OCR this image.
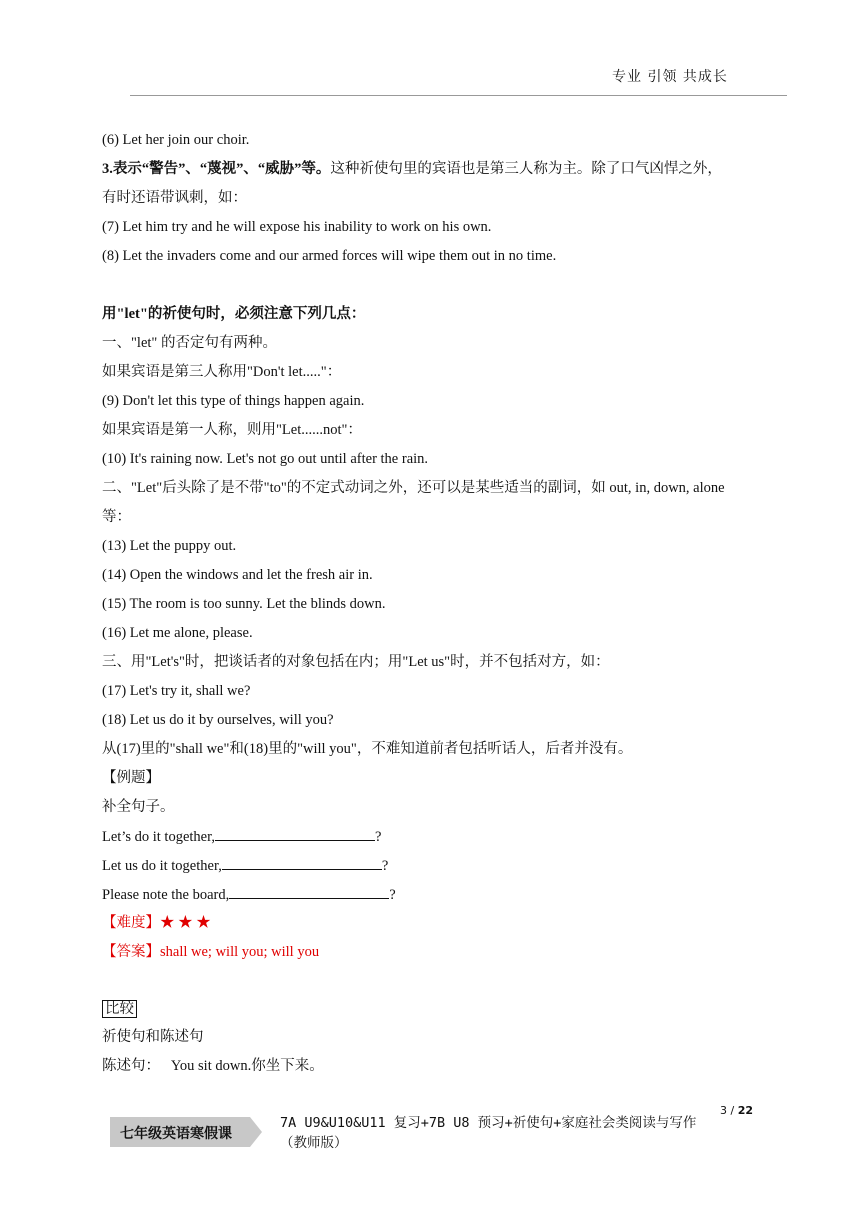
专业 引领 共成长
(6) Let her join our choir.
3.表示“警告”、“蔑视”、“威胁”等。这种祈使句里的宾语也是第三人称为主。除了口气凶悍之外，
有时还语带讽刺，如：
(7) Let him try and he will expose his inability to work on his own.
(8) Let the invaders come and our armed forces will wipe them out in no time.
用"let"的祈使句时，必须注意下列几点：
一、"let" 的否定句有两种。
如果宾语是第三人称用"Don't let....."：
(9) Don't let this type of things happen again.
如果宾语是第一人称，则用"Let......not"：
(10) It's raining now. Let's not go out until after the rain.
二、"Let"后头除了是不带"to"的不定式动词之外，还可以是某些适当的副词，如 out, in, down, alone
等：
(13) Let the puppy out.
(14) Open the windows and let the fresh air in.
(15) The room is too sunny. Let the blinds down.
(16) Let me alone, please.
三、用"Let's"时，把谈话者的对象包括在内；用"Let us"时，并不包括对方，如：
(17) Let's try it, shall we?
(18) Let us do it by ourselves, will you?
从(17)里的"shall we"和(18)里的"will you"，不难知道前者包括听话人，后者并没有。
【例题】
补全句子。
Let’s do it together,	?
Let us do it together,	?
Please note the board,	?
【难度】★ ★ ★
【答案】shall we; will you; will you
比较
祈使句和陈述句
陈述句：   You sit down.你坐下来。
七年级英语寒假课
7A U9&U10&U11 复习+7B U8 预习+祈使句+家庭社会类阅读与写作
（教师版）
3 / 22
